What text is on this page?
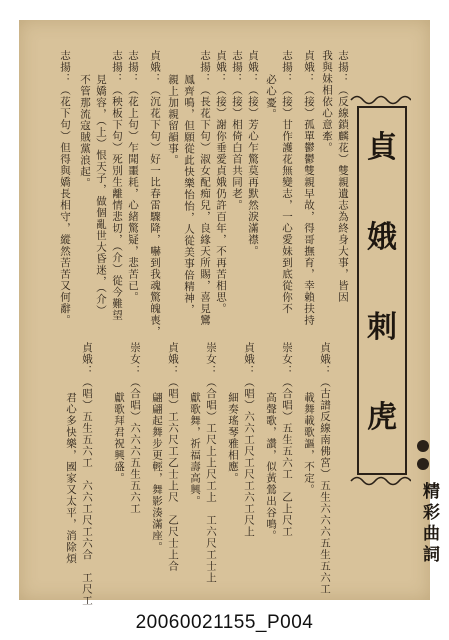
志揚：（反線鎖麟花）雙親遺志為終身大事，皆因
我與妹相依心意牽。
貞娥：（接）孤單鬱鬱雙親早故，得哥撫育，幸賴扶持
志揚：（接）甘作護花無變志，一心愛妹到底從你不
必心憂。
貞娥：（接）芳心乍驚莫再默然淚滿襟。
志揚：（接）相倚白首共同老。
貞娥：（接）謝你垂愛貞娥仍許百年，不再苦相思。
志揚：（長花下句）淑女配痴兒，良緣天所賜，喜見鸞
鳳齊鳴，但願從此快樂怡怡，人從美事倍精神，
親上加親留韻事。
貞娥：（沉花下句）好一比春雷驟降，嚇到我魂驚魄喪，
志揚：（花上句）乍聞噩耗，心緒驚疑，悲苦已。
志揚：（秧板下句）死別生離情悲切，（介）從今難望
見嬌容，（上）恨天子，做個亂世大昏迷，（介）
不管那流寇賊黨浪起。
志揚：（花下句）但得與嬌長相守，縱然苦苦又何辭。
貞娥：（古譜反線南佛宮）五生六六六五生五六工
載舞載歌謳，不定。
崇女：（合唱）五生五六工　乙上尺工
高聲歌，讚，似黃鶯出谷鳴。
貞娥：（唱）六六工尺工尺工六工尺上
細奏瑤琴雅相應。
崇女：（合唱）工尺上上尺工上　工六尺工士上
獻歌舞，祈福壽高興。
貞娥：（唱）工六尺工乙士上尺　乙尺士上合
翩翩起舞步更輕，舞影湊滿座。
崇女：（合唱）六六六五生五六工
獻歌拜君祝興盛。
貞娥：（唱）五生五六工　六六工尺工六合　工尺工
君心多快樂，國家又太平，消除煩
貞
娥
刺
虎
精彩曲詞
20060021155_P004
